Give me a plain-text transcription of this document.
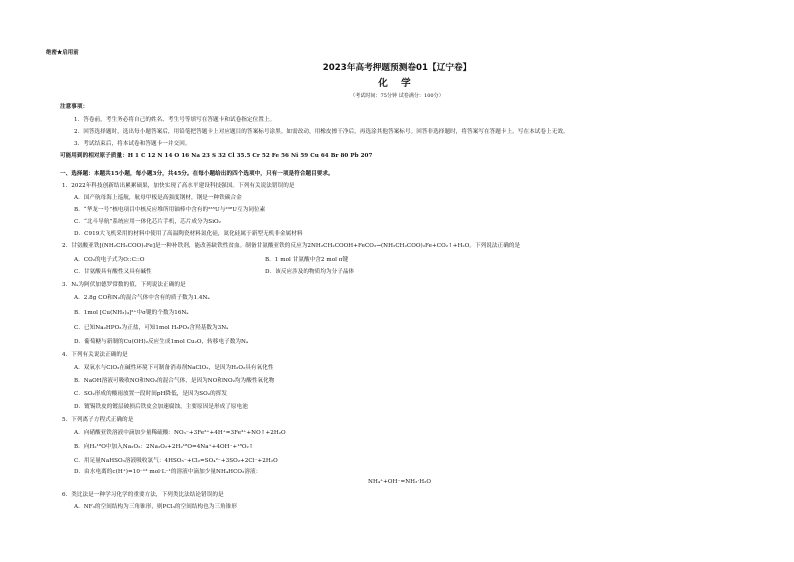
绝密★启用前
2023年高考押题预测卷01【辽宁卷】
化 学
（考试时间：75分钟 试卷满分：100分）
注意事项：
1．答卷前，考生务必将自己的姓名、考生号等填写在答题卡和试卷指定位置上。
2．回答选择题时，选出每小题答案后，用铅笔把答题卡上对应题目的答案标号涂黑。如需改动，用橡皮擦干净后，再选涂其他答案标号。回答非选择题时，将答案写在答题卡上。写在本试卷上无效。
3．考试结束后，将本试卷和答题卡一并交回。
可能用到的相对原子质量：H 1 C 12 N 14 O 16 Na 23 S 32 Cl 35.5 Cr 52 Fe 56 Ni 59 Cu 64 Br 80 Pb 207
一、选择题：本题共15小题，每小题3分，共45分。在每小题给出的四个选项中，只有一项是符合题目要求。
1．2022年科技创新结出累累硕果，加快实现了高水平建设科技强国。下列有关说法错误的是
A．国产航母海上巡航，航母甲板是高强度钢材，钢是一种铁碳合金
B．“华龙一号”核电项目中核反应堆所用铀棒中含有的²³⁵U与²³⁸U互为同位素
C．“北斗导航”系统应用一体化芯片手机，芯片成分为SiO₂
D．C919大飞机采用的材料中使用了高温陶瓷材料氮化硅，氮化硅属于新型无机非金属材料
2．甘氨酸亚铁[(NH₂CH₂COO)₂Fe]是一种补铁剂，能改善缺铁性贫血。制备甘氨酸亚铁的反应为2NH₂CH₂COOH+FeCO₃→(NH₂CH₂COO)₂Fe+CO₂↑+H₂O。下列说法正确的是
A．CO₂的电子式为O::C::O	B．1 mol 甘氨酸中含2 mol π键
C．甘氨酸具有酸性又具有碱性	D．该反应涉及的物质均为分子晶体
3．Nₐ为阿伏加德罗常数的值，下列说法正确的是
A．2.8g CO和N₂的混合气体中含有的质子数为1.4Nₐ
B．1mol [Cu(NH₃)₄]²⁺中σ键的个数为16Nₐ
C．已知Na₂HPO₃为正盐，可知1mol H₃PO₃含羟基数为3Nₐ
D．葡萄糖与新制的Cu(OH)₂反应生成1mol Cu₂O，转移电子数为Nₐ
4．下列有关说法正确的是
A．双氧水与ClO₂在碱性环境下可制备消毒剂NaClO₂，是因为H₂O₂具有氧化性
B．NaOH溶液可吸收NO和NO₂的混合气体，是因为NO和NO₂均为酸性氧化物
C．SO₂形成的酸雨放置一段时间pH降低，是因为SO₂的挥发
D．镀锡铁皮的镀层破损后铁皮会加速腐蚀，主要原因是形成了原电池
5．下列离子方程式正确的是
A．向硝酸亚铁溶液中滴加少量稀硫酸：NO₃⁻+3Fe²⁺+4H⁺=3Fe³⁺+NO↑+2H₂O
B．向H₂¹⁸O中加入Na₂O₂：2Na₂O₂+2H₂¹⁸O=4Na⁺+4OH⁻+¹⁸O₂↑
C．用足量NaHSO₃溶液吸收氯气：4HSO₃⁻+Cl₂=SO₄²⁻+3SO₂+2Cl⁻+2H₂O
D．由水电离的c(H⁺)=10⁻¹³ mol·L⁻¹的溶液中滴加少量NH₄HCO₃溶液：
NH₄⁺+OH⁻=NH₃·H₂O
6．类比法是一种学习化学的重要方法，下列类比法结论错误的是
A．NF₃的空间结构为三角锥形，则PCl₃的空间结构也为三角锥形
